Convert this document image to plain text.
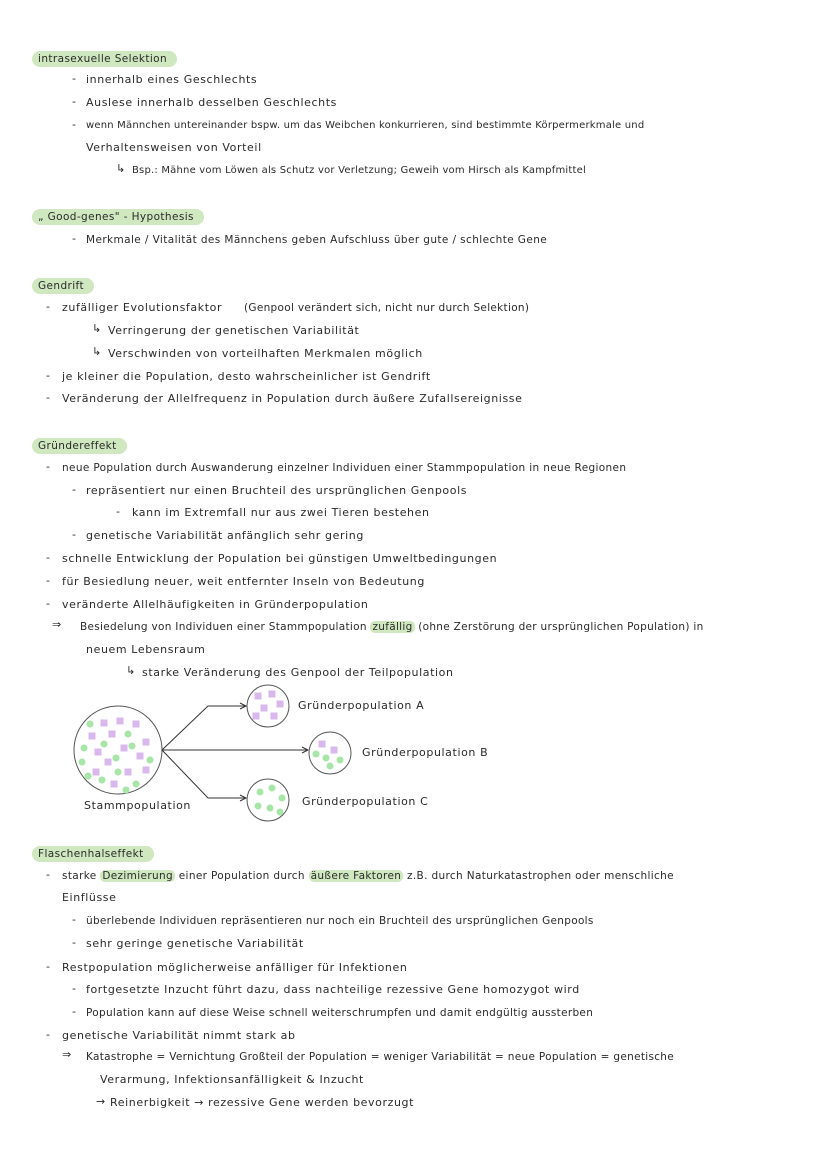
intrasexuelle Selektion
- innerhalb eines Geschlechts
- Auslese innerhalb desselben Geschlechts
- wenn Männchen untereinander bspw. um das Weibchen konkurrieren, sind bestimmte Körpermerkmale und
Verhaltensweisen von Vorteil
↳ Bsp.: Mähne vom Löwen als Schutz vor Verletzung; Geweih vom Hirsch als Kampfmittel
„ Good-genes" - Hypothesis
- Merkmale / Vitalität des Männchens geben Aufschluss über gute / schlechte Gene
Gendrift
- zufälliger Evolutionsfaktor (Genpool verändert sich, nicht nur durch Selektion)
↳ Verringerung der genetischen Variabilität
↳ Verschwinden von vorteilhaften Merkmalen möglich
- je kleiner die Population, desto wahrscheinlicher ist Gendrift
- Veränderung der Allelfrequenz in Population durch äußere Zufallsereignisse
Gründereffekt
- neue Population durch Auswanderung einzelner Individuen einer Stammpopulation in neue Regionen
- repräsentiert nur einen Bruchteil des ursprünglichen Genpools
- kann im Extremfall nur aus zwei Tieren bestehen
- genetische Variabilität anfänglich sehr gering
- schnelle Entwicklung der Population bei günstigen Umweltbedingungen
- für Besiedlung neuer, weit entfernter Inseln von Bedeutung
- veränderte Allelhäufigkeiten in Gründerpopulation
⇒ Besiedelung von Individuen einer Stammpopulation zufällig (ohne Zerstörung der ursprünglichen Population) in
neuem Lebensraum
↳ starke Veränderung des Genpool der Teilpopulation
Stammpopulation
Gründerpopulation A
Gründerpopulation B
Gründerpopulation C
Flaschenhalseffekt
- starke Dezimierung einer Population durch äußere Faktoren z.B. durch Naturkatastrophen oder menschliche
Einflüsse
- überlebende Individuen repräsentieren nur noch ein Bruchteil des ursprünglichen Genpools
- sehr geringe genetische Variabilität
- Restpopulation möglicherweise anfälliger für Infektionen
- fortgesetzte Inzucht führt dazu, dass nachteilige rezessive Gene homozygot wird
- Population kann auf diese Weise schnell weiterschrumpfen und damit endgültig aussterben
- genetische Variabilität nimmt stark ab
⇒ Katastrophe = Vernichtung Großteil der Population = weniger Variabilität = neue Population = genetische
Verarmung, Infektionsanfälligkeit & Inzucht
→ Reinerbigkeit → rezessive Gene werden bevorzugt
